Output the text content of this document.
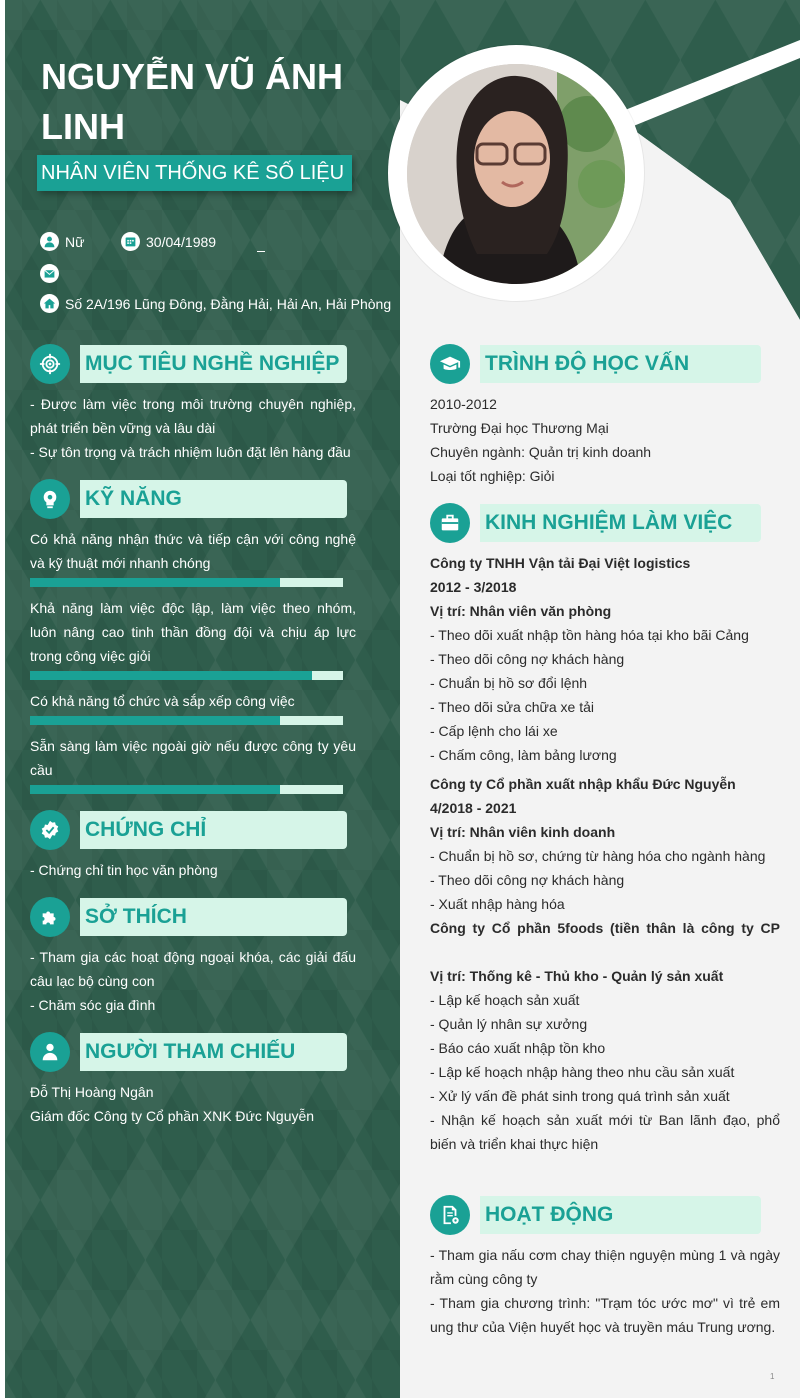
NGUYỄN VŨ ÁNH LINH
NHÂN VIÊN THỐNG KÊ SỐ LIỆU
Nữ	30/04/1989
Số 2A/196 Lũng Đông, Đằng Hải, Hải An, Hải Phòng
MỤC TIÊU NGHỀ NGHIỆP
- Được làm việc trong môi trường chuyên nghiệp, phát triển bền vững và lâu dài
- Sự tôn trọng và trách nhiệm luôn đặt lên hàng đầu
KỸ NĂNG
Có khả năng nhận thức và tiếp cận với công nghệ và kỹ thuật mới nhanh chóng
Khả năng làm việc độc lập, làm việc theo nhóm, luôn nâng cao tinh thần đồng đội và chịu áp lực trong công việc giỏi
Có khả năng tổ chức và sắp xếp công việc
Sẵn sàng làm việc ngoài giờ nếu được công ty yêu cầu
CHỨNG CHỈ
- Chứng chỉ tin học văn phòng
SỞ THÍCH
- Tham gia các hoạt động ngoại khóa, các giải đấu câu lạc bộ cùng con
- Chăm sóc gia đình
NGƯỜI THAM CHIẾU
Đỗ Thị Hoàng Ngân
Giám đốc Công ty Cổ phần XNK Đức Nguyễn
TRÌNH ĐỘ HỌC VẤN
2010-2012
Trường Đại học Thương Mại
Chuyên ngành: Quản trị kinh doanh
Loại tốt nghiệp: Giỏi
KINH NGHIỆM LÀM VIỆC
Công ty TNHH Vận tải Đại Việt logistics
2012 - 3/2018
Vị trí: Nhân viên văn phòng
- Theo dõi xuất nhập tồn hàng hóa tại kho bãi Cảng
- Theo dõi công nợ khách hàng
- Chuẩn bị hồ sơ đổi lệnh
- Theo dõi sửa chữa xe tải
- Cấp lệnh cho lái xe
- Chấm công, làm bảng lương
Công ty Cổ phần xuất nhập khẩu Đức Nguyễn
4/2018 - 2021
Vị trí: Nhân viên kinh doanh
- Chuẩn bị hồ sơ, chứng từ hàng hóa cho ngành hàng
- Theo dõi công nợ khách hàng
- Xuất nhập hàng hóa
Công ty Cổ phần 5foods (tiền thân là công ty CP
Vị trí: Thống kê - Thủ kho - Quản lý sản xuất
- Lập kế hoạch sản xuất
- Quản lý nhân sự xưởng
- Báo cáo xuất nhập tồn kho
- Lập kế hoạch nhập hàng theo nhu cầu sản xuất
- Xử lý vấn đề phát sinh trong quá trình sản xuất
- Nhận kế hoạch sản xuất mới từ Ban lãnh đạo, phổ biến và triển khai thực hiện
HOẠT ĐỘNG
- Tham gia nấu cơm chay thiện nguyện mùng 1 và ngày rằm cùng công ty
- Tham gia chương trình: "Trạm tóc ước mơ" vì trẻ em ung thư của Viện huyết học và truyền máu Trung ương.
1
